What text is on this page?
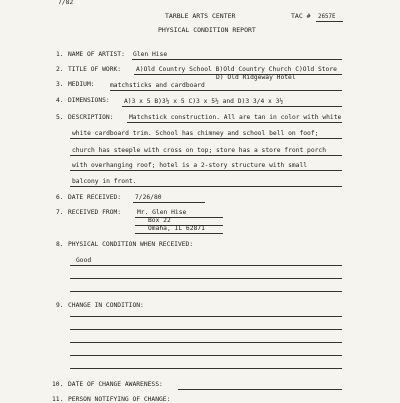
7/82
TARBLE ARTS CENTER	TAC # 2657E
PHYSICAL CONDITION REPORT
1. NAME OF ARTIST: Glen Hise
2. TITLE OF WORK: A)Old Country School B)Old Country Church C)Old Store
D) Old Ridgeway Hotel
3. MEDIUM: matchsticks and cardboard
4. DIMENSIONS: A)3 x 5 B)3½ x 5 C)3 x 5½ and D)3 3/4 x 3½
5. DESCRIPTION: Matchstick construction. All are tan in color with white
white cardboard trim. School has chimney and school bell on foof;
church has steeple with cross on top; store has a store front porch
with overhanging roof; hotel is a 2-story structure with small
balcony in front.
6. DATE RECEIVED: 7/26/80
7. RECEIVED FROM:	Mr. Glen Hise
Box 22
Omaha, IL 62871
8. PHYSICAL CONDITION WHEN RECEIVED:
Good
9. CHANGE IN CONDITION:
10. DATE OF CHANGE AWARENESS:
11. PERSON NOTIFYING OF CHANGE:
